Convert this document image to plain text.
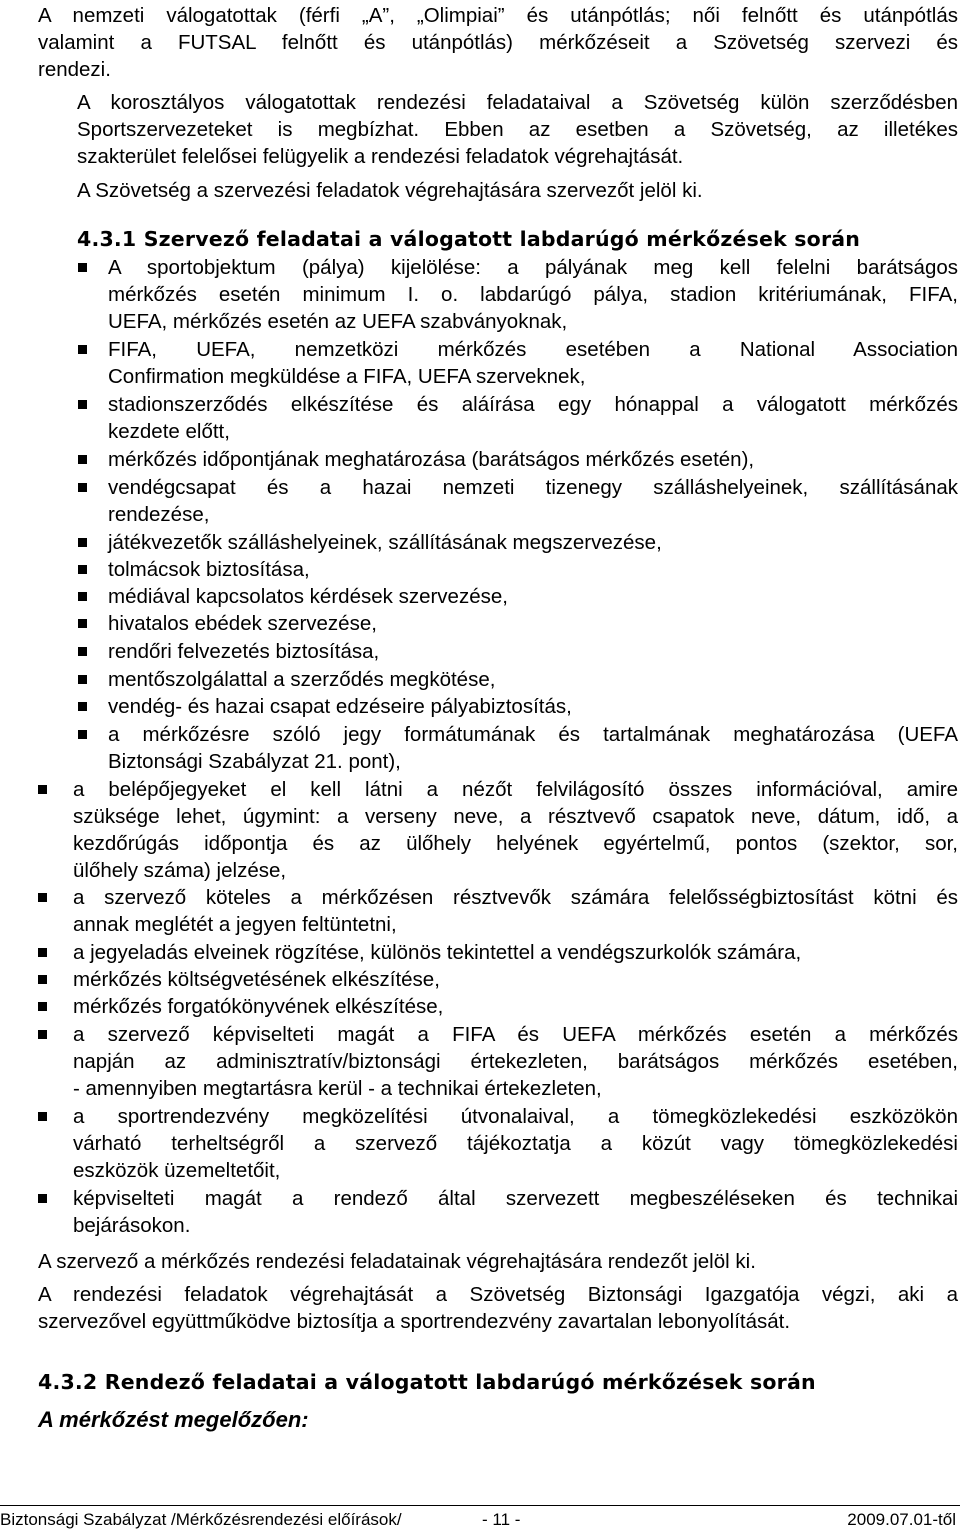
A nemzeti válogatottak (férfi „A”, „Olimpiai” és utánpótlás; női felnőtt és utánpótlás
valamint a FUTSAL felnőtt és utánpótlás) mérkőzéseit a Szövetség szervezi és
rendezi.
A korosztályos válogatottak rendezési feladataival a Szövetség külön szerződésben
Sportszervezeteket is megbízhat. Ebben az esetben a Szövetség, az illetékes
szakterület felelősei felügyelik a rendezési feladatok végrehajtását.
A Szövetség a szervezési feladatok végrehajtására szervezőt jelöl ki.
4.3.1 Szervező feladatai a válogatott labdarúgó mérkőzések során
A sportobjektum (pálya) kijelölése: a pályának meg kell felelni barátságos
mérkőzés esetén minimum I. o. labdarúgó pálya, stadion kritériumának, FIFA,
UEFA, mérkőzés esetén az UEFA szabványoknak,
FIFA, UEFA, nemzetközi mérkőzés esetében a National Association
Confirmation megküldése a FIFA, UEFA szerveknek,
stadionszerződés elkészítése és aláírása egy hónappal a válogatott mérkőzés
kezdete előtt,
mérkőzés időpontjának meghatározása (barátságos mérkőzés esetén),
vendégcsapat és a hazai nemzeti tizenegy szálláshelyeinek, szállításának
rendezése,
játékvezetők szálláshelyeinek, szállításának megszervezése,
tolmácsok biztosítása,
médiával kapcsolatos kérdések szervezése,
hivatalos ebédek szervezése,
rendőri felvezetés biztosítása,
mentőszolgálattal a szerződés megkötése,
vendég- és hazai csapat edzéseire pályabiztosítás,
a mérkőzésre szóló jegy formátumának és tartalmának meghatározása (UEFA
Biztonsági Szabályzat 21. pont),
a belépőjegyeket el kell látni a nézőt felvilágosító összes információval, amire
szüksége lehet, úgymint: a verseny neve, a résztvevő csapatok neve, dátum, idő, a
kezdőrúgás időpontja és az ülőhely helyének egyértelmű, pontos (szektor, sor,
ülőhely száma) jelzése,
a szervező köteles a mérkőzésen résztvevők számára felelősségbiztosítást kötni és
annak meglétét a jegyen feltüntetni,
a jegyeladás elveinek rögzítése, különös tekintettel a vendégszurkolók számára,
mérkőzés költségvetésének elkészítése,
mérkőzés forgatókönyvének elkészítése,
a szervező képviselteti magát a FIFA és UEFA mérkőzés esetén a mérkőzés
napján az adminisztratív/biztonsági értekezleten, barátságos mérkőzés esetében,
- amennyiben megtartásra kerül - a technikai értekezleten,
a sportrendezvény megközelítési útvonalaival, a tömegközlekedési eszközökön
várható terheltségről a szervező tájékoztatja a közút vagy tömegközlekedési
eszközök üzemeltetőit,
képviselteti magát a rendező által szervezett megbeszéléseken és technikai
bejárásokon.
A szervező a mérkőzés rendezési feladatainak végrehajtására rendezőt jelöl ki.
A rendezési feladatok végrehajtását a Szövetség Biztonsági Igazgatója végzi, aki a
szervezővel együttműködve biztosítja a sportrendezvény zavartalan lebonyolítását.
4.3.2 Rendező feladatai a válogatott labdarúgó mérkőzések során
A mérkőzést megelőzően:
Biztonsági Szabályzat /Mérkőzésrendezési előírások/	- 11 -	2009.07.01-től
